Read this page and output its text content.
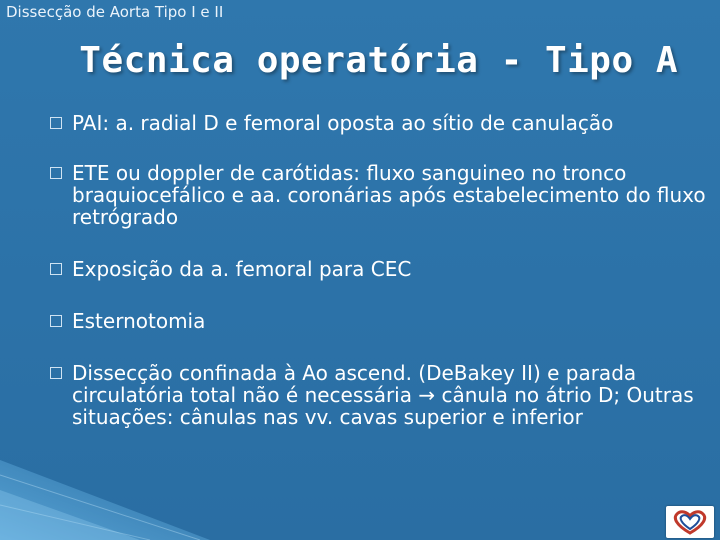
Dissecção de Aorta Tipo I e II
Técnica operatória - Tipo A
PAI: a. radial D e femoral oposta ao sítio de canulação
ETE ou doppler de carótidas: fluxo sanguineo no tronco braquiocefálico e aa. coronárias após estabelecimento do fluxo retrógrado
Exposição da a. femoral para CEC
Esternotomia
Dissecção confinada à Ao ascend. (DeBakey II) e parada circulatória total não é necessária → cânula no átrio D; Outras situações: cânulas nas vv. cavas superior e inferior
